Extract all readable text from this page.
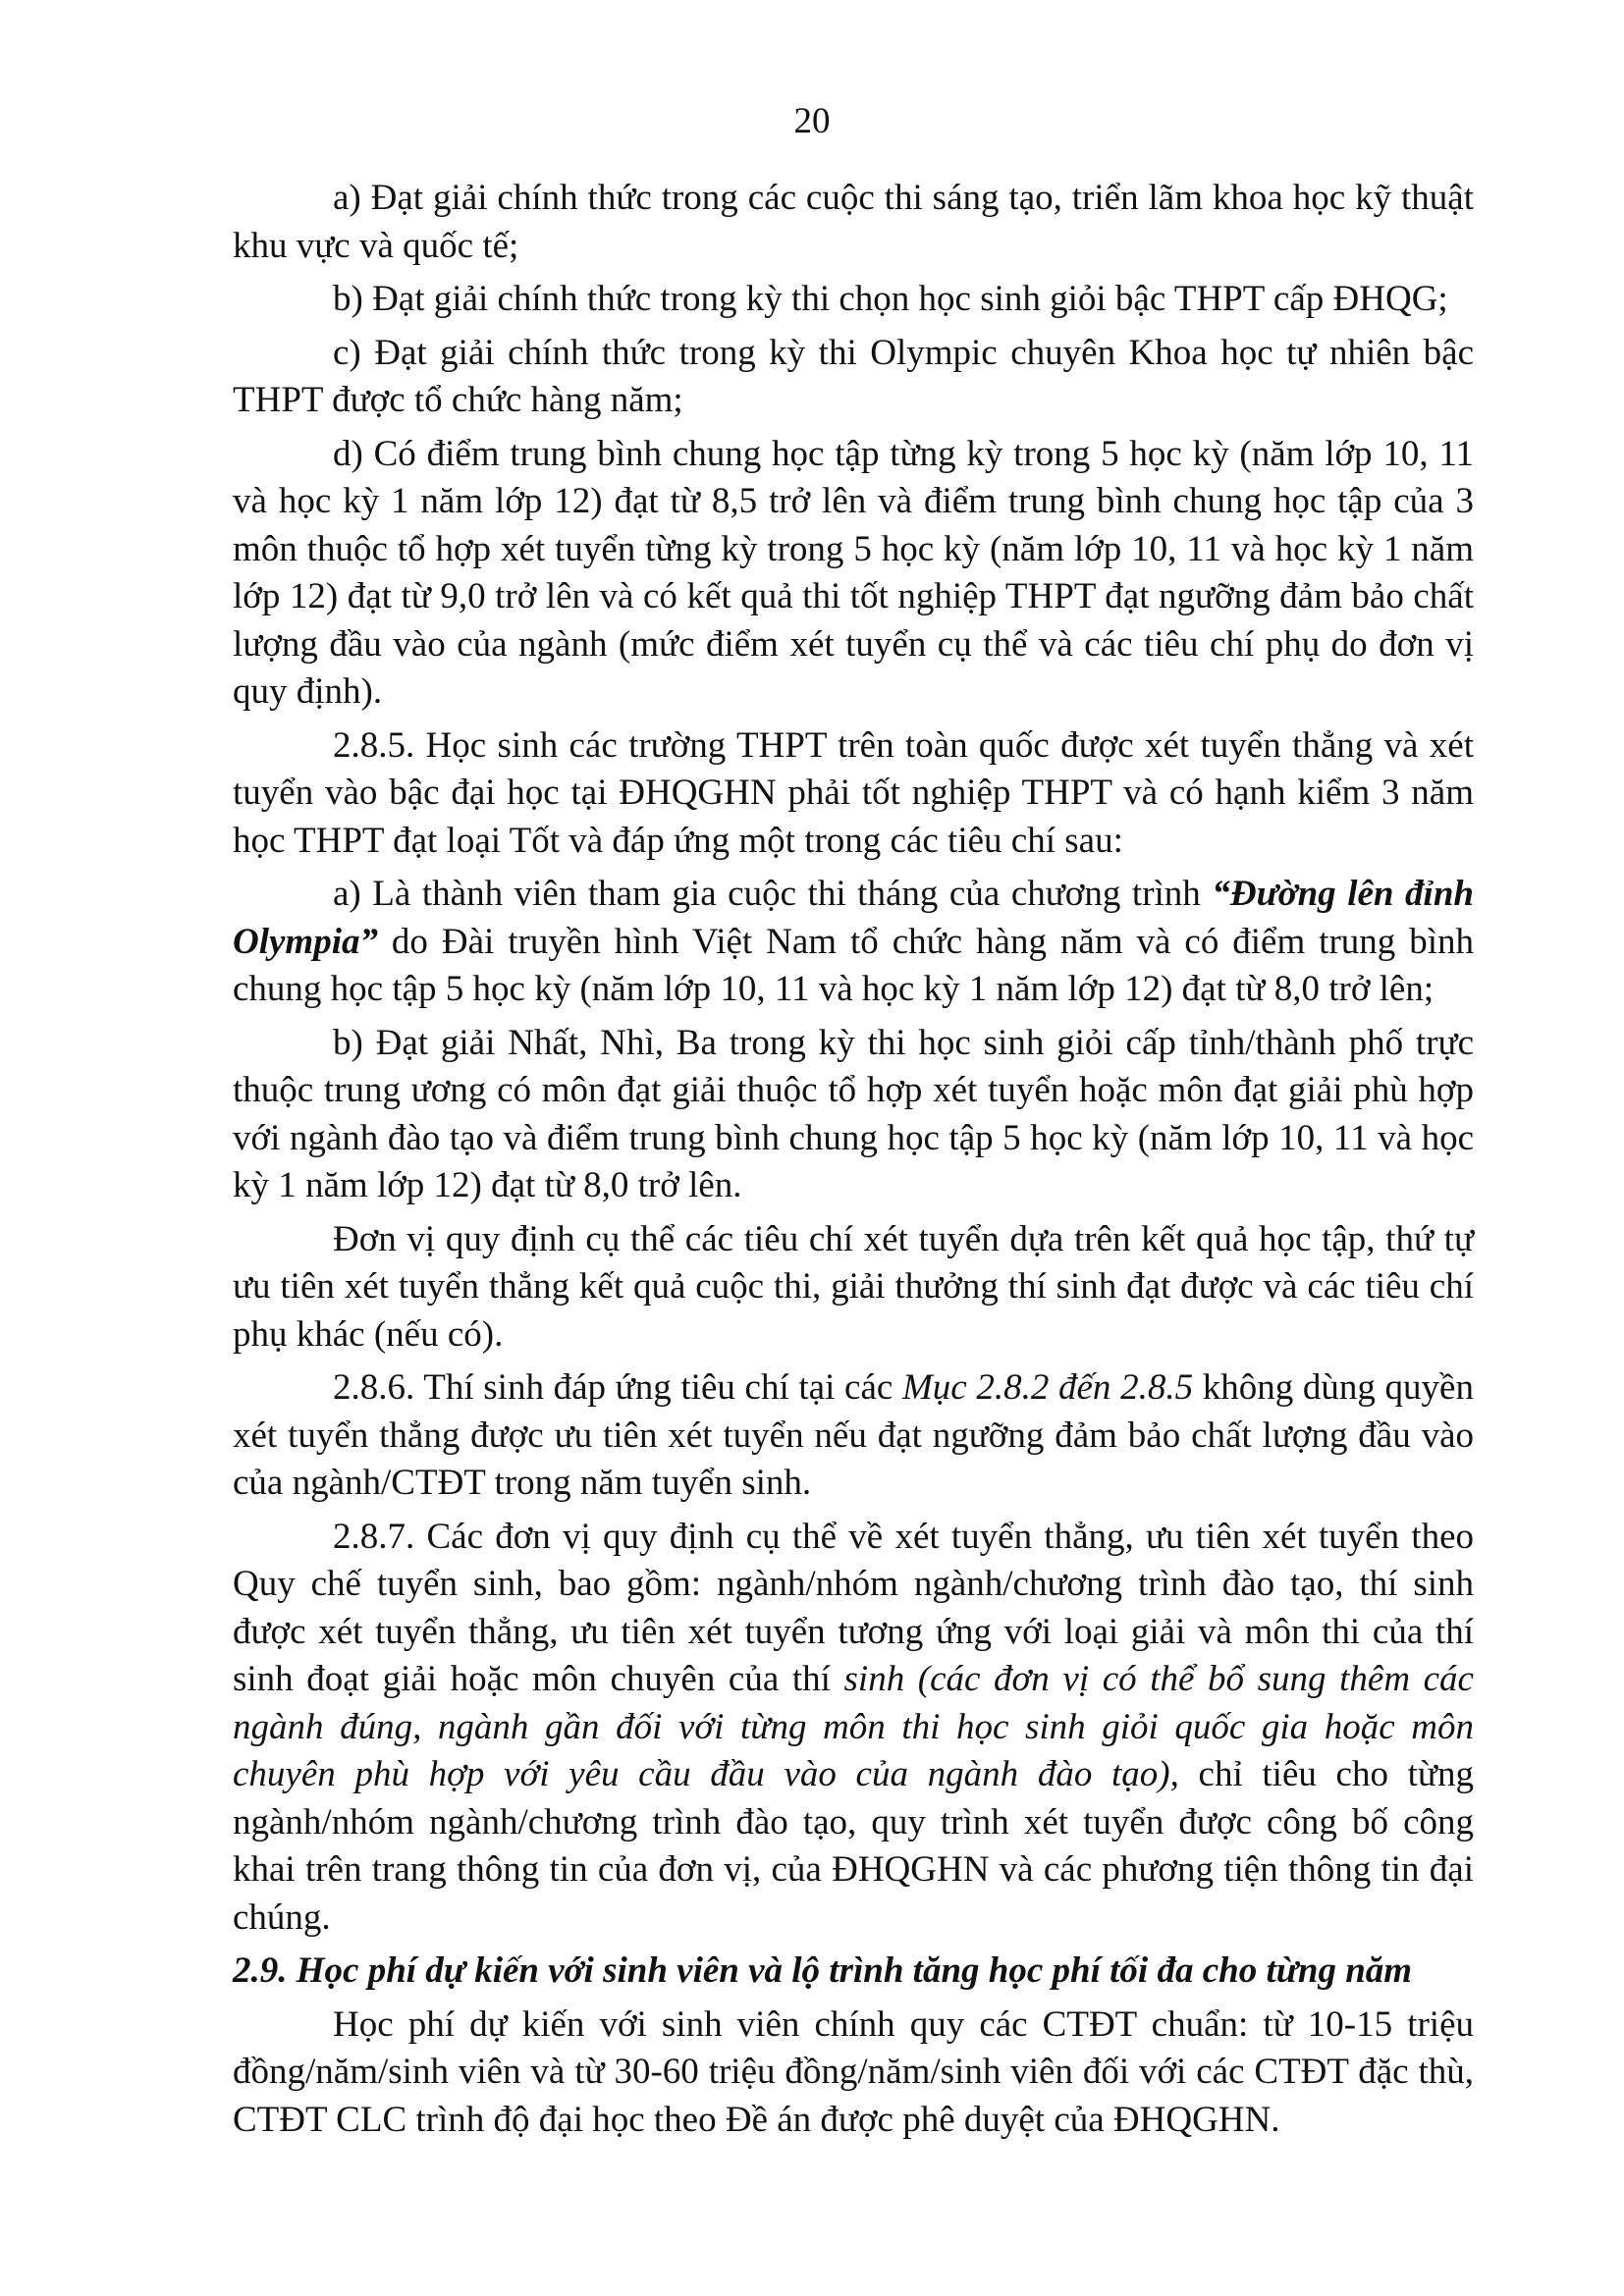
20

a) Đạt giải chính thức trong các cuộc thi sáng tạo, triển lãm khoa học kỹ thuật khu vực và quốc tế;

b) Đạt giải chính thức trong kỳ thi chọn học sinh giỏi bậc THPT cấp ĐHQG;

c) Đạt giải chính thức trong kỳ thi Olympic chuyên Khoa học tự nhiên bậc THPT được tổ chức hàng năm;

d) Có điểm trung bình chung học tập từng kỳ trong 5 học kỳ (năm lớp 10, 11 và học kỳ 1 năm lớp 12) đạt từ 8,5 trở lên và điểm trung bình chung học tập của 3 môn thuộc tổ hợp xét tuyển từng kỳ trong 5 học kỳ (năm lớp 10, 11 và học kỳ 1 năm lớp 12) đạt từ 9,0 trở lên và có kết quả thi tốt nghiệp THPT đạt ngưỡng đảm bảo chất lượng đầu vào của ngành (mức điểm xét tuyển cụ thể và các tiêu chí phụ do đơn vị quy định).

2.8.5. Học sinh các trường THPT trên toàn quốc được xét tuyển thẳng và xét tuyển vào bậc đại học tại ĐHQGHN phải tốt nghiệp THPT và có hạnh kiểm 3 năm học THPT đạt loại Tốt và đáp ứng một trong các tiêu chí sau:

a) Là thành viên tham gia cuộc thi tháng của chương trình “Đường lên đỉnh Olympia” do Đài truyền hình Việt Nam tổ chức hàng năm và có điểm trung bình chung học tập 5 học kỳ (năm lớp 10, 11 và học kỳ 1 năm lớp 12) đạt từ 8,0 trở lên;

b) Đạt giải Nhất, Nhì, Ba trong kỳ thi học sinh giỏi cấp tỉnh/thành phố trực thuộc trung ương có môn đạt giải thuộc tổ hợp xét tuyển hoặc môn đạt giải phù hợp với ngành đào tạo và điểm trung bình chung học tập 5 học kỳ (năm lớp 10, 11 và học kỳ 1 năm lớp 12) đạt từ 8,0 trở lên.

Đơn vị quy định cụ thể các tiêu chí xét tuyển dựa trên kết quả học tập, thứ tự ưu tiên xét tuyển thẳng kết quả cuộc thi, giải thưởng thí sinh đạt được và các tiêu chí phụ khác (nếu có).

2.8.6. Thí sinh đáp ứng tiêu chí tại các Mục 2.8.2 đến 2.8.5 không dùng quyền xét tuyển thẳng được ưu tiên xét tuyển nếu đạt ngưỡng đảm bảo chất lượng đầu vào của ngành/CTĐT trong năm tuyển sinh.

2.8.7. Các đơn vị quy định cụ thể về xét tuyển thẳng, ưu tiên xét tuyển theo Quy chế tuyển sinh, bao gồm: ngành/nhóm ngành/chương trình đào tạo, thí sinh được xét tuyển thẳng, ưu tiên xét tuyển tương ứng với loại giải và môn thi của thí sinh đoạt giải hoặc môn chuyên của thí sinh (các đơn vị có thể bổ sung thêm các ngành đúng, ngành gần đối với từng môn thi học sinh giỏi quốc gia hoặc môn chuyên phù hợp với yêu cầu đầu vào của ngành đào tạo), chỉ tiêu cho từng ngành/nhóm ngành/chương trình đào tạo, quy trình xét tuyển được công bố công khai trên trang thông tin của đơn vị, của ĐHQGHN và các phương tiện thông tin đại chúng.

2.9. Học phí dự kiến với sinh viên và lộ trình tăng học phí tối đa cho từng năm

Học phí dự kiến với sinh viên chính quy các CTĐT chuẩn: từ 10-15 triệu đồng/năm/sinh viên và từ 30-60 triệu đồng/năm/sinh viên đối với các CTĐT đặc thù, CTĐT CLC trình độ đại học theo Đề án được phê duyệt của ĐHQGHN.
